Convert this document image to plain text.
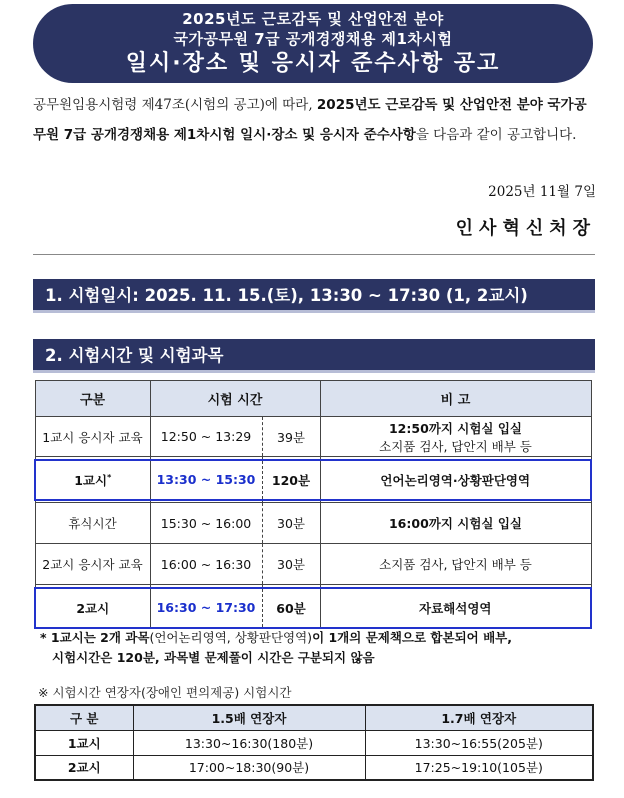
2025년도 근로감독 및 산업안전 분야
국가공무원 7급 공개경쟁채용 제1차시험
일시·장소 및 응시자 준수사항 공고
공무원임용시험령 제47조(시험의 공고)에 따라, 2025년도 근로감독 및 산업안전 분야 국가공무원 7급 공개경쟁채용 제1차시험 일시·장소 및 응시자 준수사항을 다음과 같이 공고합니다.
2025년 11월 7일
인사혁신처장
1. 시험일시: 2025. 11. 15.(토), 13:30 ~ 17:30 (1, 2교시)
2. 시험시간 및 시험과목
구분	시험 시간		비 고
1교시 응시자 교육	12:50 ~ 13:29	39분	12:50까지 시험실 입실
소지품 검사, 답안지 배부 등

1교시*	13:30 ~ 15:30	120분	언어논리영역·상황판단영역

휴식시간	15:30 ~ 16:00	30분	16:00까지 시험실 입실
2교시 응시자 교육	16:00 ~ 16:30	30분	소지품 검사, 답안지 배부 등

2교시	16:30 ~ 17:30	60분	자료해석영역
* 1교시는 2개 과목(언어논리영역, 상황판단영역)이 1개의 문제책으로 합본되어 배부,
시험시간은 120분, 과목별 문제풀이 시간은 구분되지 않음
※ 시험시간 연장자(장애인 편의제공) 시험시간
구 분	1.5배 연장자	1.7배 연장자
1교시	13:30~16:30(180분)	13:30~16:55(205분)
2교시	17:00~18:30(90분)	17:25~19:10(105분)
